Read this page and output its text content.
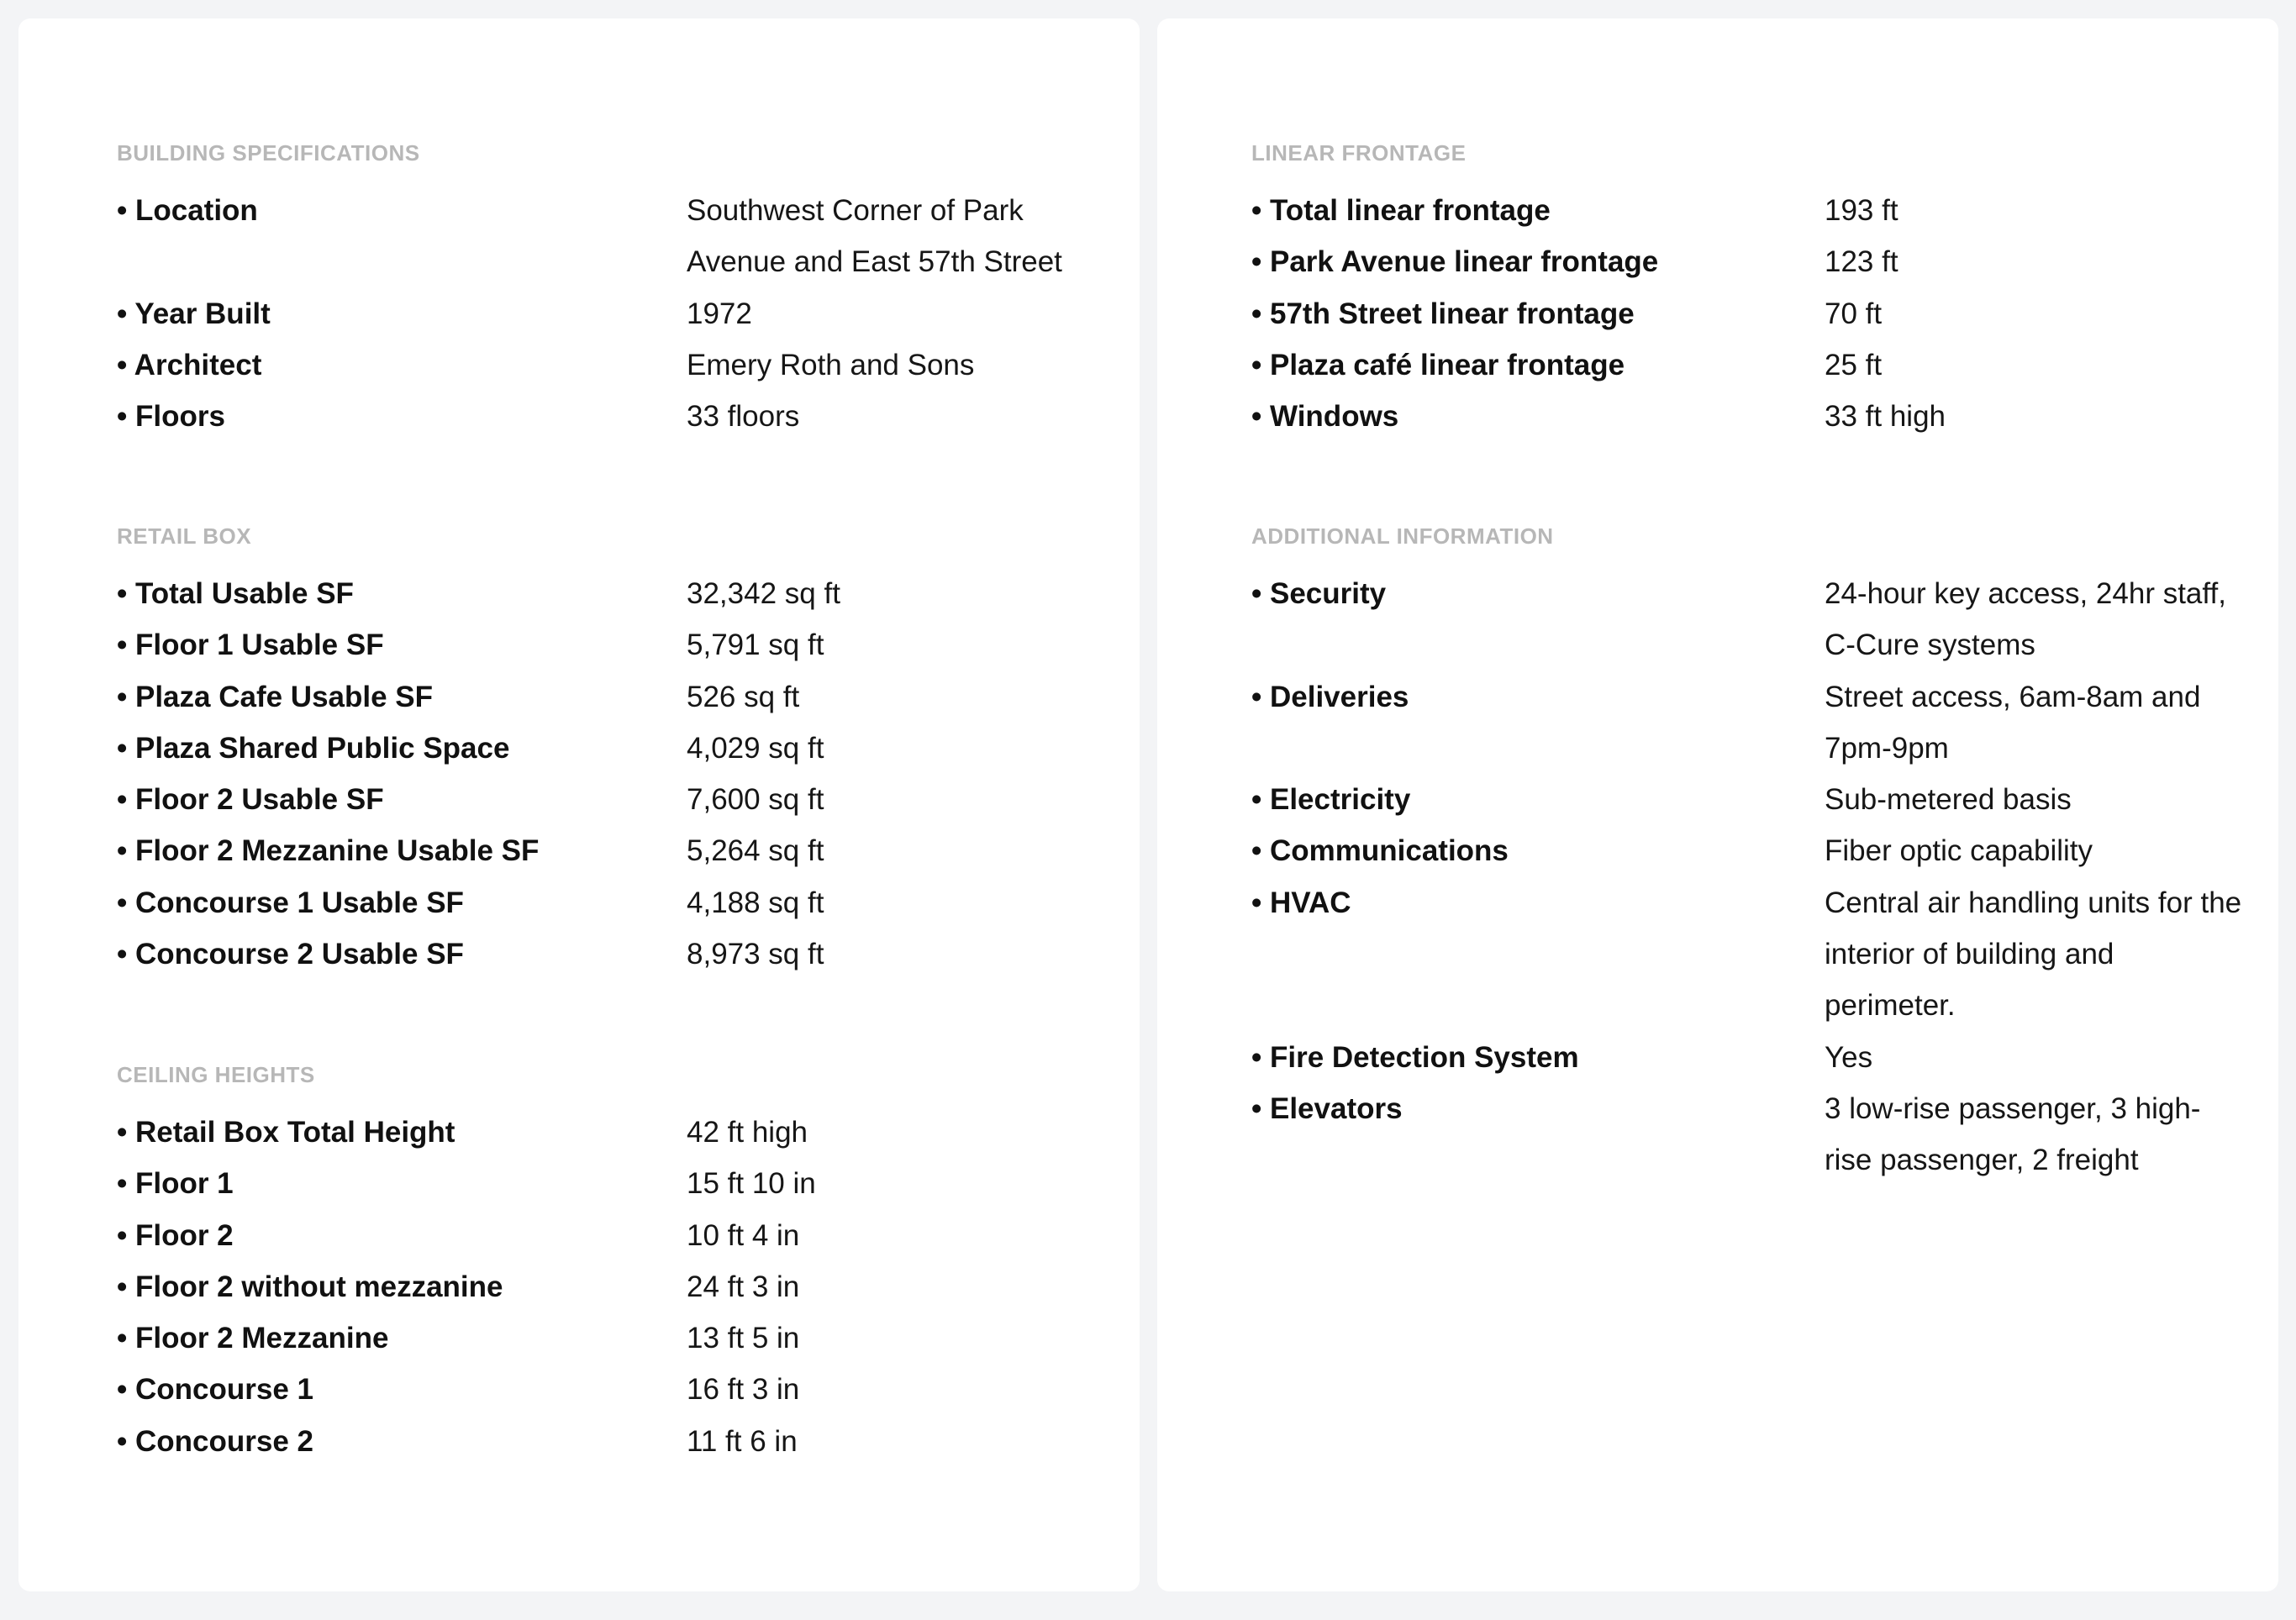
BUILDING SPECIFICATIONS
• Location	Southwest Corner of Park Avenue and East 57th Street
• Year Built	1972
• Architect	Emery Roth and Sons
• Floors	33 floors
RETAIL BOX
• Total Usable SF	32,342 sq ft
• Floor 1 Usable SF	5,791 sq ft
• Plaza Cafe Usable SF	526 sq ft
• Plaza Shared Public Space	4,029 sq ft
• Floor 2 Usable SF	7,600 sq ft
• Floor 2 Mezzanine Usable SF	5,264 sq ft
• Concourse 1 Usable SF	4,188 sq ft
• Concourse 2 Usable SF	8,973 sq ft
CEILING HEIGHTS
• Retail Box Total Height	42 ft high
• Floor 1	15 ft 10 in
• Floor 2	10 ft 4 in
• Floor 2 without mezzanine	24 ft 3 in
• Floor 2 Mezzanine	13 ft 5 in
• Concourse 1	16 ft 3 in
• Concourse 2	11 ft 6 in
LINEAR FRONTAGE
• Total linear frontage	193 ft
• Park Avenue linear frontage	123 ft
• 57th Street linear frontage	70 ft
• Plaza café linear frontage	25 ft
• Windows	33 ft high
ADDITIONAL INFORMATION
• Security	24-hour key access, 24hr staff, C-Cure systems
• Deliveries	Street access, 6am-8am and 7pm-9pm
• Electricity	Sub-metered basis
• Communications	Fiber optic capability
• HVAC	Central air handling units for the interior of building and perimeter.
• Fire Detection System	Yes
• Elevators	3 low-rise passenger, 3 high-rise passenger, 2 freight
